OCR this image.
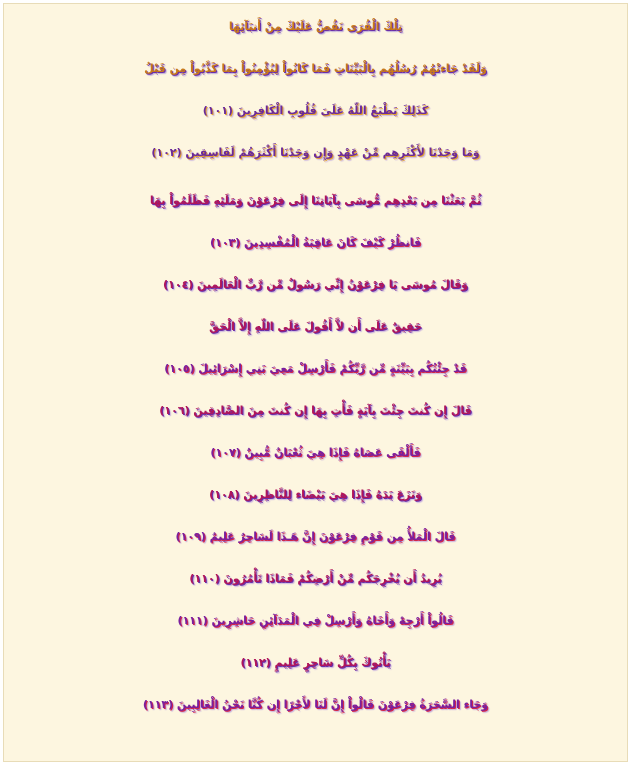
تِلْكَ الْقُرَى نَقُصُّ عَلَيْكَ مِنْ أَنبَآئِهَا
وَلَقَدْ جَاءتْهُمْ رُسُلُهُم بِالْبَيِّنَاتِ فَمَا كَانُواْ لِيُؤْمِنُواْ بِمَا كَذَّبُواْ مِن قَبْلُ
كَذَلِكَ يَطْبَعُ اللّهُ عَلَىَ قُلُوبِ الْكَافِرِينَ (١٠١)
وَمَا وَجَدْنَا لأَكْثَرِهِم مِّنْ عَهْدٍ وَإِن وَجَدْنَا أَكْثَرَهُمْ لَفَاسِقِينَ (١٠٢)
ثُمَّ بَعَثْنَا مِن بَعْدِهِم مُّوسَى بِآيَاتِنَا إِلَى فِرْعَوْنَ وَمَلَئِهِ فَظَلَمُواْ بِهَا
فَانظُرْ كَيْفَ كَانَ عَاقِبَةُ الْمُفْسِدِينَ (١٠٣)
وَقَالَ مُوسَى يَا فِرْعَوْنُ إِنِّي رَسُولٌ مِّن رَّبِّ الْعَالَمِينَ (١٠٤)
حَقِيقٌ عَلَى أَن لاَّ أَقُولَ عَلَى اللّهِ إِلاَّ الْحَقَّ
قَدْ جِئْتُكُم بِبَيِّنَةٍ مِّن رَّبِّكُمْ فَأَرْسِلْ مَعِيَ بَنِي إِسْرَائِيلَ (١٠٥)
قَالَ إِن كُنتَ جِئْتَ بِآيَةٍ فَأْتِ بِهَا إِن كُنتَ مِنَ الصَّادِقِينَ (١٠٦)
فَأَلْقَى عَصَاهُ فَإِذَا هِيَ ثُعْبَانٌ مُّبِينٌ (١٠٧)
وَنَزَعَ يَدَهُ فَإِذَا هِيَ بَيْضَاء لِلنَّاظِرِينَ (١٠٨)
قَالَ الْمَلأُ مِن قَوْمِ فِرْعَوْنَ إِنَّ هَـذَا لَسَاحِرٌ عَلِيمٌ (١٠٩)
يُرِيدُ أَن يُخْرِجَكُم مِّنْ أَرْضِكُمْ فَمَاذَا تَأْمُرُونَ (١١٠)
قَالُواْ أَرْجِهْ وَأَخَاهُ وَأَرْسِلْ فِي الْمَدَآئِنِ حَاشِرِينَ (١١١)
يَأْتُوكَ بِكُلِّ سَاحِرٍ عَلِيمٍ (١١٢)
وَجَاء السَّحَرَةُ فِرْعَوْنَ قَالْواْ إِنَّ لَنَا لأَجْرًا إِن كُنَّا نَحْنُ الْغَالِبِينَ (١١٣)
